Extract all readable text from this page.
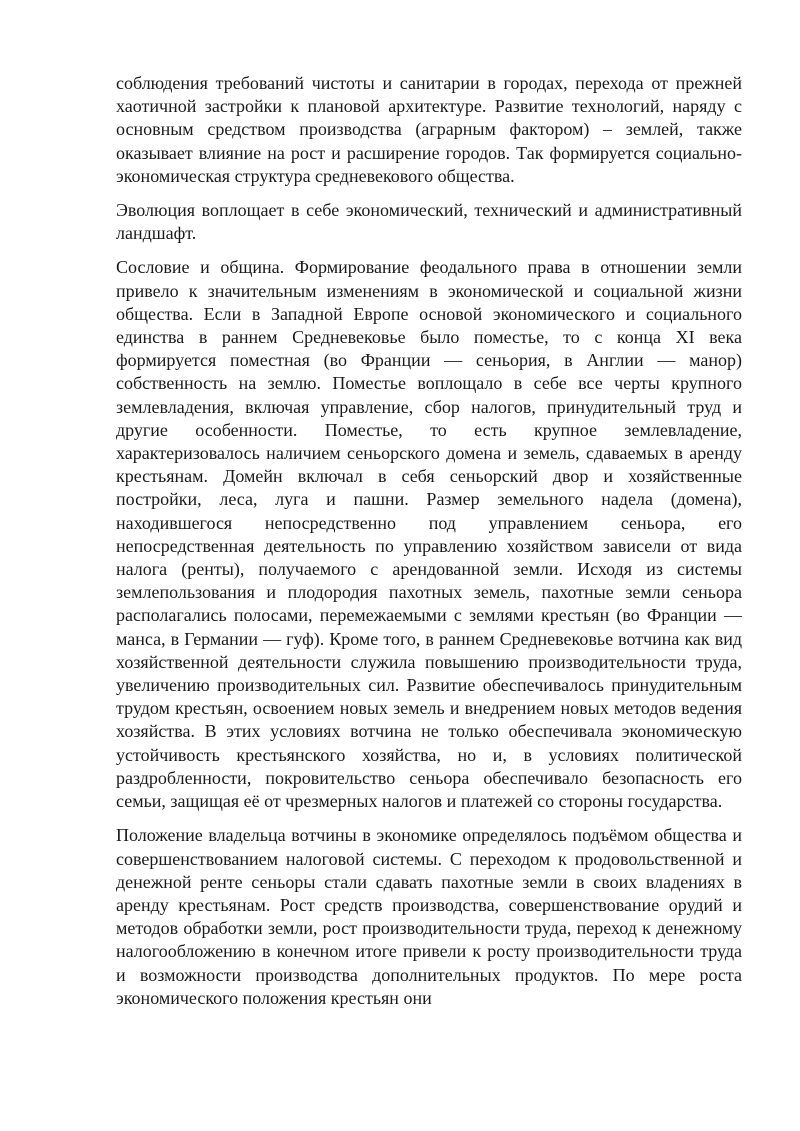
соблюдения требований чистоты и санитарии в городах, перехода от прежней хаотичной застройки к плановой архитектуре. Развитие технологий, наряду с основным средством производства (аграрным фактором) – землей, также оказывает влияние на рост и расширение городов. Так формируется социально-экономическая структура средневекового общества.

Эволюция воплощает в себе экономический, технический и административный ландшафт.

Сословие и община. Формирование феодального права в отношении земли привело к значительным изменениям в экономической и социальной жизни общества. Если в Западной Европе основой экономического и социального единства в раннем Средневековье было поместье, то с конца XI века формируется поместная (во Франции — сеньория, в Англии — манор) собственность на землю. Поместье воплощало в себе все черты крупного землевладения, включая управление, сбор налогов, принудительный труд и другие особенности. Поместье, то есть крупное землевладение, характеризовалось наличием сеньорского домена и земель, сдаваемых в аренду крестьянам. Домейн включал в себя сеньорский двор и хозяйственные постройки, леса, луга и пашни. Размер земельного надела (домена), находившегося непосредственно под управлением сеньора, его непосредственная деятельность по управлению хозяйством зависели от вида налога (ренты), получаемого с арендованной земли. Исходя из системы землепользования и плодородия пахотных земель, пахотные земли сеньора располагались полосами, перемежаемыми с землями крестьян (во Франции — манса, в Германии — гуф). Кроме того, в раннем Средневековье вотчина как вид хозяйственной деятельности служила повышению производительности труда, увеличению производительных сил. Развитие обеспечивалось принудительным трудом крестьян, освоением новых земель и внедрением новых методов ведения хозяйства. В этих условиях вотчина не только обеспечивала экономическую устойчивость крестьянского хозяйства, но и, в условиях политической раздробленности, покровительство сеньора обеспечивало безопасность его семьи, защищая её от чрезмерных налогов и платежей со стороны государства.

Положение владельца вотчины в экономике определялось подъёмом общества и совершенствованием налоговой системы. С переходом к продовольственной и денежной ренте сеньоры стали сдавать пахотные земли в своих владениях в аренду крестьянам. Рост средств производства, совершенствование орудий и методов обработки земли, рост производительности труда, переход к денежному налогообложению в конечном итоге привели к росту производительности труда и возможности производства дополнительных продуктов. По мере роста экономического положения крестьян они
